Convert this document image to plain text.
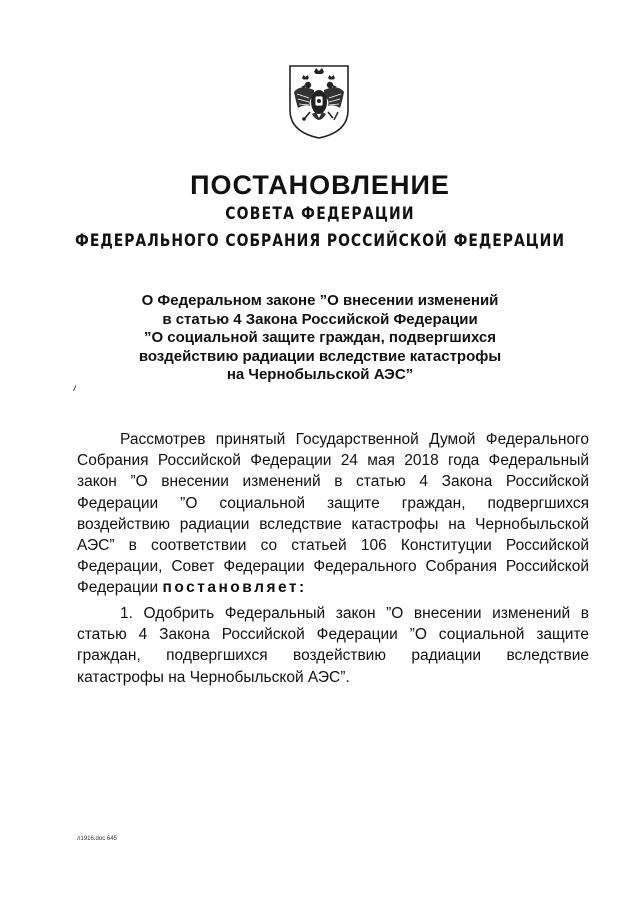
ПОСТАНОВЛЕНИЕ
СОВЕТА ФЕДЕРАЦИИ
ФЕДЕРАЛЬНОГО СОБРАНИЯ РОССИЙСКОЙ ФЕДЕРАЦИИ
О Федеральном законе ”О внесении изменений
в статью 4 Закона Российской Федерации
”О социальной защите граждан, подвергшихся
воздействию радиации вследствие катастрофы
на Чернобыльской АЭС”
Рассмотрев принятый Государственной Думой Федерального Собрания Российской Федерации 24 мая 2018 года Федеральный закон ”О внесении изменений в статью 4 Закона Российской Федерации ”О социальной защите граждан, подвергшихся воздействию радиации вследствие катастрофы на Чернобыльской АЭС” в соответствии со статьей 106 Конституции Российской Федерации, Совет Федерации Федерального Собрания Российской Федерации постановляет:
1. Одобрить Федеральный закон ”О внесении изменений в статью 4 Закона Российской Федерации ”О социальной защите граждан, подвергшихся воздействию радиации вследствие катастрофы на Чернобыльской АЭС”.
л1916.doc 645
